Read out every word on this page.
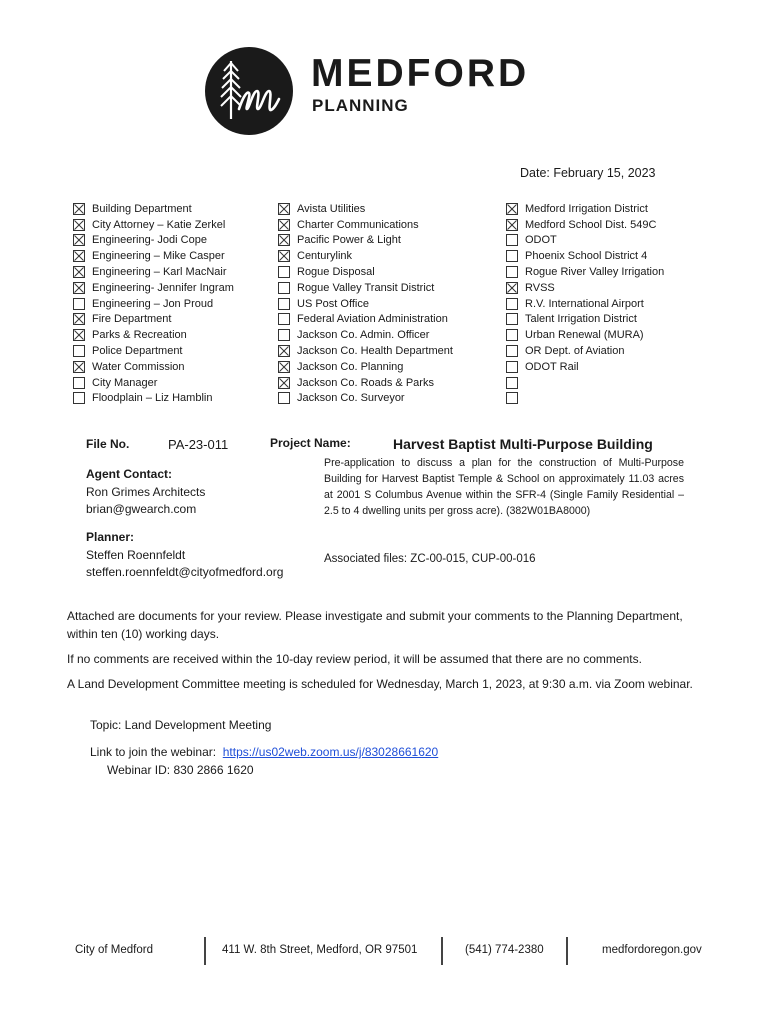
MEDFORD
PLANNING
Date: February 15, 2023
Building Department
City Attorney – Katie Zerkel
Engineering- Jodi Cope
Engineering – Mike Casper
Engineering – Karl MacNair
Engineering- Jennifer Ingram
Engineering – Jon Proud
Fire Department
Parks & Recreation
Police Department
Water Commission
City Manager
Floodplain – Liz Hamblin
Avista Utilities
Charter Communications
Pacific Power & Light
Centurylink
Rogue Disposal
Rogue Valley Transit District
US Post Office
Federal Aviation Administration
Jackson Co. Admin. Officer
Jackson Co. Health Department
Jackson Co. Planning
Jackson Co. Roads & Parks
Jackson Co. Surveyor
Medford Irrigation District
Medford School Dist. 549C
ODOT
Phoenix School District 4
Rogue River Valley Irrigation
RVSS
R.V. International Airport
Talent Irrigation District
Urban Renewal (MURA)
OR Dept. of Aviation
ODOT Rail
File No.	PA-23-011	Project Name:	Harvest Baptist Multi-Purpose Building
Agent Contact:
Ron Grimes Architects
brian@gwearch.com
Planner:
Steffen Roennfeldt
steffen.roennfeldt@cityofmedford.org
Pre-application to discuss a plan for the construction of Multi-Purpose Building for Harvest Baptist Temple & School on approximately 11.03 acres at 2001 S Columbus Avenue within the SFR-4 (Single Family Residential – 2.5 to 4 dwelling units per gross acre). (382W01BA8000)
Associated files: ZC-00-015, CUP-00-016
Attached are documents for your review. Please investigate and submit your comments to the Planning Department, within ten (10) working days.
If no comments are received within the 10-day review period, it will be assumed that there are no comments.
A Land Development Committee meeting is scheduled for Wednesday, March 1, 2023, at 9:30 a.m. via Zoom webinar.
Topic: Land Development Meeting
Link to join the webinar:  https://us02web.zoom.us/j/83028661620
Webinar ID: 830 2866 1620
City of Medford	411 W. 8th Street, Medford, OR 97501	(541) 774-2380	medfordoregon.gov
